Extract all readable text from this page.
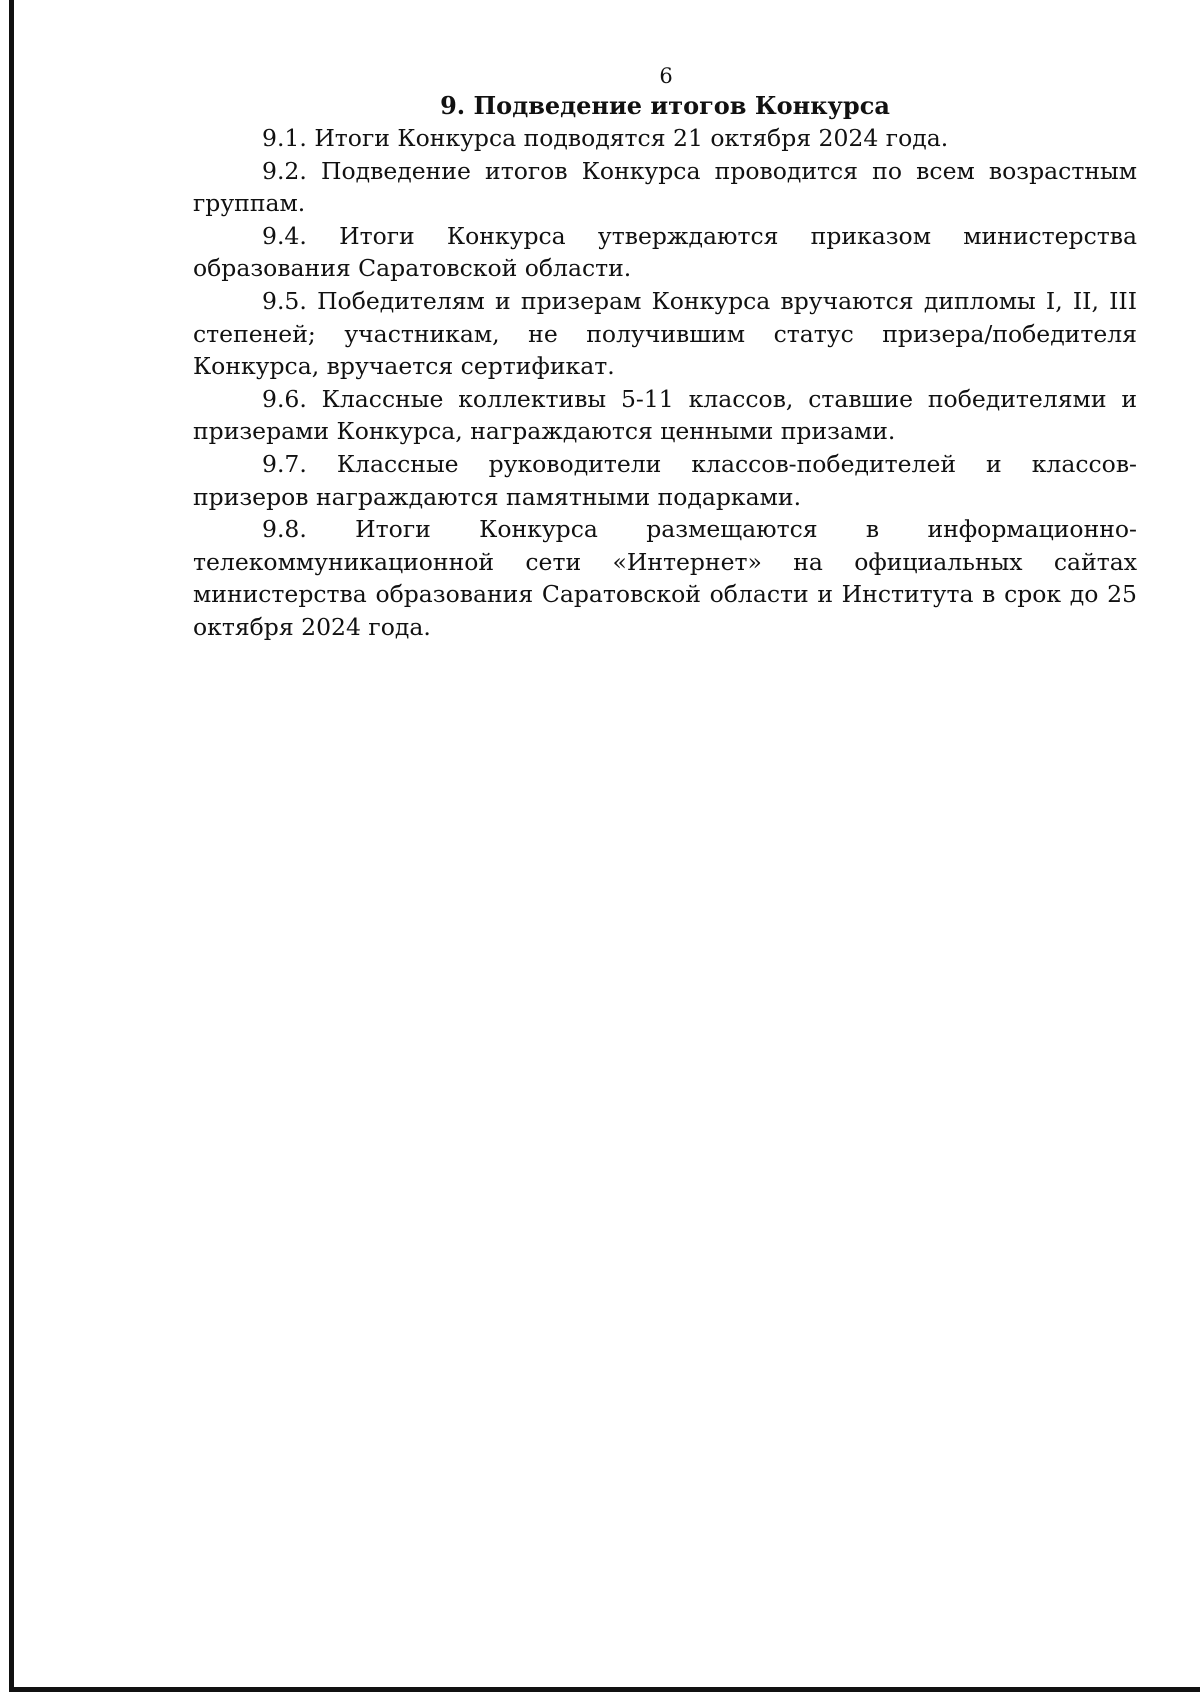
6
9. Подведение итогов Конкурса

9.1. Итоги Конкурса подводятся 21 октября 2024 года.

9.2. Подведение итогов Конкурса проводится по всем возрастным группам.

9.4. Итоги Конкурса утверждаются приказом министерства образования Саратовской области.

9.5. Победителям и призерам Конкурса вручаются дипломы I, II, III степеней; участникам, не получившим статус призера/победителя Конкурса, вручается сертификат.

9.6. Классные коллективы 5-11 классов, ставшие победителями и призерами Конкурса, награждаются ценными призами.

9.7. Классные руководители классов-победителей и классов-призеров награждаются памятными подарками.

9.8. Итоги Конкурса размещаются в информационно-телекоммуникационной сети «Интернет» на официальных сайтах министерства образования Саратовской области и Института в срок до 25 октября 2024 года.
